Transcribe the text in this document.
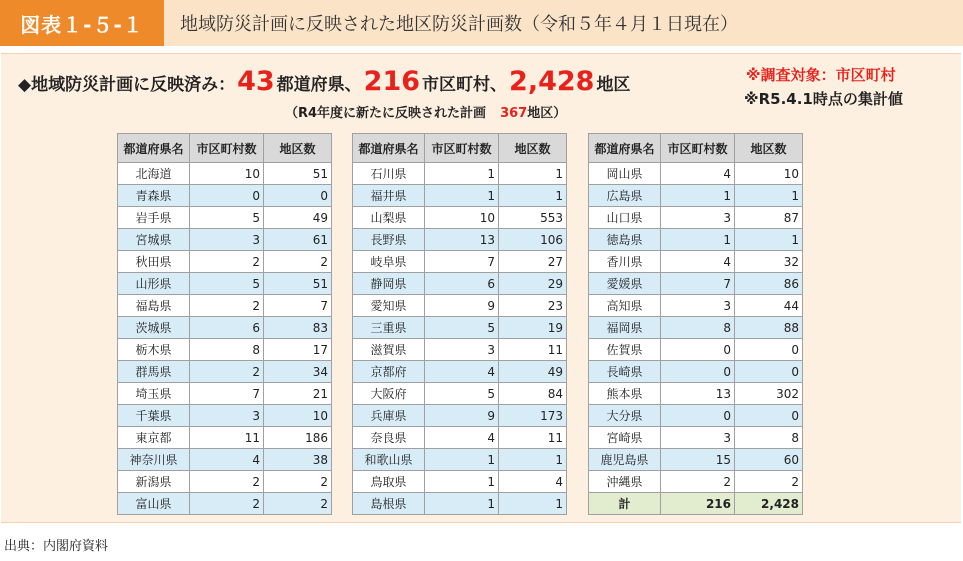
図表１-５-１	地域防災計画に反映された地区防災計画数（令和５年４月１日現在）
◆地域防災計画に反映済み： 43 都道府県、 216 市区町村、 2,428 地区
（R4年度に新たに反映された計画 367地区）
※調査対象：市区町村
※R5.4.1時点の集計値
都道府県名	市区町村数	地区数
北海道	10	51
青森県	0	0
岩手県	5	49
宮城県	3	61
秋田県	2	2
山形県	5	51
福島県	2	7
茨城県	6	83
栃木県	8	17
群馬県	2	34
埼玉県	7	21
千葉県	3	10
東京都	11	186
神奈川県	4	38
新潟県	2	2
富山県	2	2
都道府県名	市区町村数	地区数
石川県	1	1
福井県	1	1
山梨県	10	553
長野県	13	106
岐阜県	7	27
静岡県	6	29
愛知県	9	23
三重県	5	19
滋賀県	3	11
京都府	4	49
大阪府	5	84
兵庫県	9	173
奈良県	4	11
和歌山県	1	1
鳥取県	1	4
島根県	1	1
都道府県名	市区町村数	地区数
岡山県	4	10
広島県	1	1
山口県	3	87
徳島県	1	1
香川県	4	32
愛媛県	7	86
高知県	3	44
福岡県	8	88
佐賀県	0	0
長崎県	0	0
熊本県	13	302
大分県	0	0
宮崎県	3	8
鹿児島県	15	60
沖縄県	2	2
計	216	2,428
出典：内閣府資料
